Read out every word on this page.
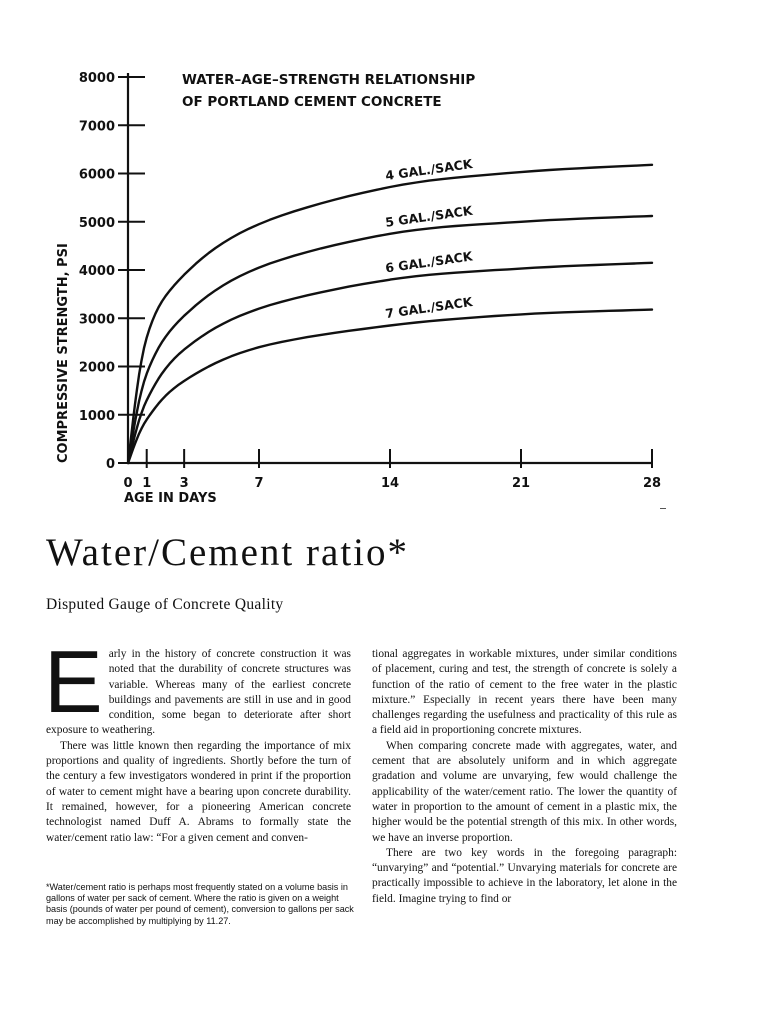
WATER–AGE–STRENGTH RELATIONSHIP
OF PORTLAND CEMENT CONCRETE
0
1000
2000
3000
4000
5000
6000
7000
8000
0 1 3	7	14	21	28
4 GAL./SACK
5 GAL./SACK
6 GAL./SACK
7 GAL./SACK
COMPRESSIVE STRENGTH, PSI
AGE IN DAYS
Water/Cement ratio*
Disputed Gauge of Concrete Quality

Early in the history of concrete construction it was noted that the durability of concrete structures was variable. Whereas many of the earliest concrete buildings and pavements are still in use and in good condition, some began to deteriorate after short exposure to weathering.

There was little known then regarding the importance of mix proportions and quality of ingredients. Shortly before the turn of the century a few investigators wondered in print if the proportion of water to cement might have a bearing upon concrete durability. It remained, however, for a pioneering American concrete technologist named Duff A. Abrams to formally state the water/cement ratio law: “For a given cement and conven-

*Water/cement ratio is perhaps most frequently stated on a volume basis in gallons of water per sack of cement. Where the ratio is given on a weight basis (pounds of water per pound of cement), conversion to gallons per sack may be accomplished by multiplying by 11.27.

tional aggregates in workable mixtures, under similar conditions of placement, curing and test, the strength of concrete is solely a function of the ratio of cement to the free water in the plastic mixture.” Especially in recent years there have been many challenges regarding the usefulness and practicality of this rule as a field aid in proportioning concrete mixtures.

When comparing concrete made with aggregates, water, and cement that are absolutely uniform and in which aggregate gradation and volume are unvarying, few would challenge the applicability of the water/cement ratio. The lower the quantity of water in proportion to the amount of cement in a plastic mix, the higher would be the potential strength of this mix. In other words, we have an inverse proportion.

There are two key words in the foregoing paragraph: “unvarying” and “potential.” Unvarying materials for concrete are practically impossible to achieve in the laboratory, let alone in the field. Imagine trying to find or
